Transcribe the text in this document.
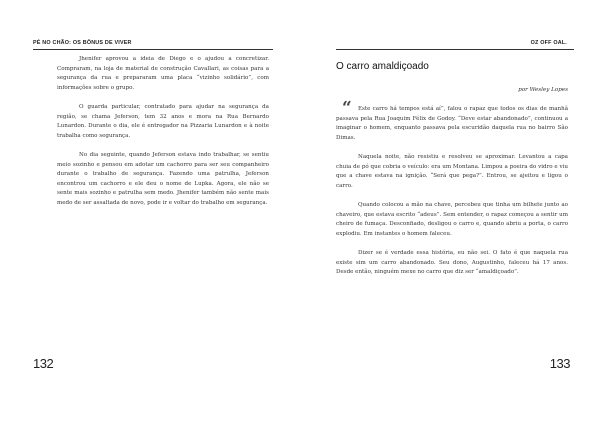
PÉ NO CHÃO: OS BÔNUS DE VIVER

Jhenifer aprovou a ideia de Diego e o ajudou a concretizar. Compraram, na loja de material de construção Cavallari, as coisas para a segurança da rua e prepararam uma placa “vizinho solidário”, com informações sobre o grupo.

O guarda particular, contratado para ajudar na segurança da região, se chama Jeferson, tem 32 anos e mora na Rua Bernardo Lunardon. Durante o dia, ele é entregador na Pizzaria Lunardon e à noite trabalha como segurança.

No dia seguinte, quando Jeferson estava indo trabalhar, se sentiu meio sozinho e pensou em adotar um cachorro para ser seu companheiro durante o trabalho de segurança. Fazendo uma patrulha, Jeferson encontrou um cachorro e ele deu o nome de Lupka. Agora, ele não se sente mais sozinho e patrulha sem medo. Jhenifer também não sente mais medo de ser assaltada de novo, pode ir e voltar do trabalho em segurança.

132
OZ OFF OAL.
O carro amaldiçoado
por Wesley Lopes
“	Este carro há tempos está aí”, falou o rapaz que todos os dias de manhã passava pela Rua Joaquim Félix de Godoy. “Deve estar abandonado”, continuou a imaginar o homem, enquanto passava pela escuridão daquela rua no bairro São Dimas.

Naquela noite, não resistiu e resolveu se aproximar. Levantou a capa chuia de pó que cobria o veículo: era um Montana. Limpou a poeira do vidro e viu que a chave estava na ignição. “Será que pega?”. Entrou, se ajeitou e ligou o carro.

Quando colocou a mão na chave, percebeu que tinha um bilhete junto ao chaveiro, que estava escrito “adeus”. Sem entender, o rapaz começou a sentir um cheiro de fumaça. Desconfiado, desligou o carro e, quando abriu a porta, o carro explodiu. Em instantes o homem faleceu.

Dizer se é verdade essa história, eu não sei. O fato é que naquela rua existe sim um carro abandonado. Seu dono, Augustinho, faleceu há 17 anos. Desde então, ninguém mexe no carro que diz ser “amaldiçoado”.

133
